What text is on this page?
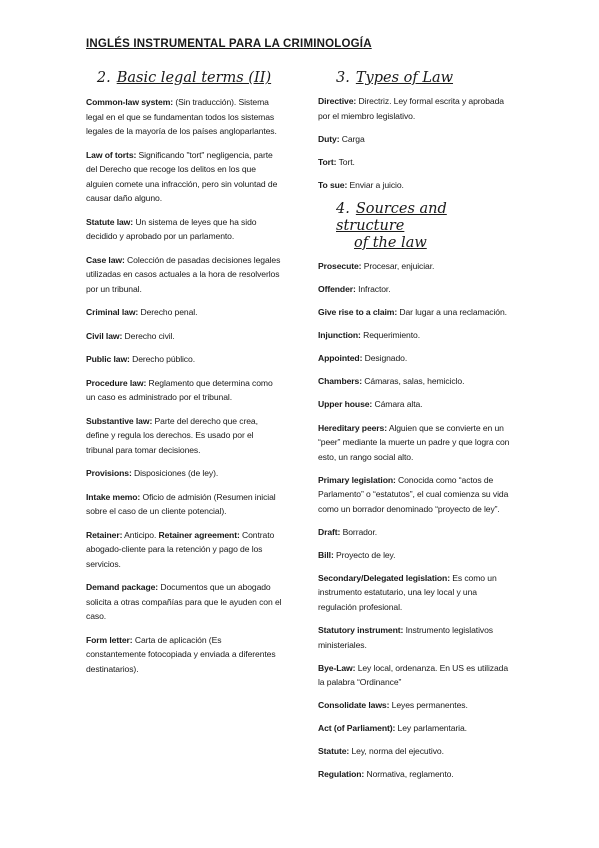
INGLÉS INSTRUMENTAL PARA LA CRIMINOLOGÍA
2. Basic legal terms (II)
Common-law system: (Sin traducción). Sistema legal en el que se fundamentan todos los sistemas legales de la mayoría de los países angloparlantes.
Law of torts: Significando "tort" negligencia, parte del Derecho que recoge los delitos en los que alguien comete una infracción, pero sin voluntad de causar daño alguno.
Statute law: Un sistema de leyes que ha sido decidido y aprobado por un parlamento.
Case law: Colección de pasadas decisiones legales utilizadas en casos actuales a la hora de resolverlos por un tribunal.
Criminal law: Derecho penal.
Civil law: Derecho civil.
Public law: Derecho público.
Procedure law: Reglamento que determina como un caso es administrado por el tribunal.
Substantive law: Parte del derecho que crea, define y regula los derechos. Es usado por el tribunal para tomar decisiones.
Provisions: Disposiciones (de ley).
Intake memo: Oficio de admisión (Resumen inicial sobre el caso de un cliente potencial).
Retainer: Anticipo. Retainer agreement: Contrato abogado-cliente para la retención y pago de los servicios.
Demand package: Documentos que un abogado solicita a otras compañías para que le ayuden con el caso.
Form letter: Carta de aplicación (Es constantemente fotocopiada y enviada a diferentes destinatarios).
3. Types of Law
Directive: Directriz. Ley formal escrita y aprobada por el miembro legislativo.
Duty: Carga
Tort: Tort.
To sue: Enviar a juicio.
4. Sources and structure
of the law
Prosecute: Procesar, enjuiciar.
Offender: Infractor.
Give rise to a claim: Dar lugar a una reclamación.
Injunction: Requerimiento.
Appointed: Designado.
Chambers: Cámaras, salas, hemiciclo.
Upper house: Cámara alta.
Hereditary peers: Alguien que se convierte en un “peer” mediante la muerte un padre y que logra con esto, un rango social alto.
Primary legislation: Conocida como “actos de Parlamento” o “estatutos”, el cual comienza su vida como un borrador denominado “proyecto de ley”.
Draft: Borrador.
Bill: Proyecto de ley.
Secondary/Delegated legislation: Es como un instrumento estatutario, una ley local y una regulación profesional.
Statutory instrument: Instrumento legislativos ministeriales.
Bye-Law: Ley local, ordenanza. En US es utilizada la palabra “Ordinance”
Consolidate laws: Leyes permanentes.
Act (of Parliament): Ley parlamentaria.
Statute: Ley, norma del ejecutivo.
Regulation: Normativa, reglamento.
